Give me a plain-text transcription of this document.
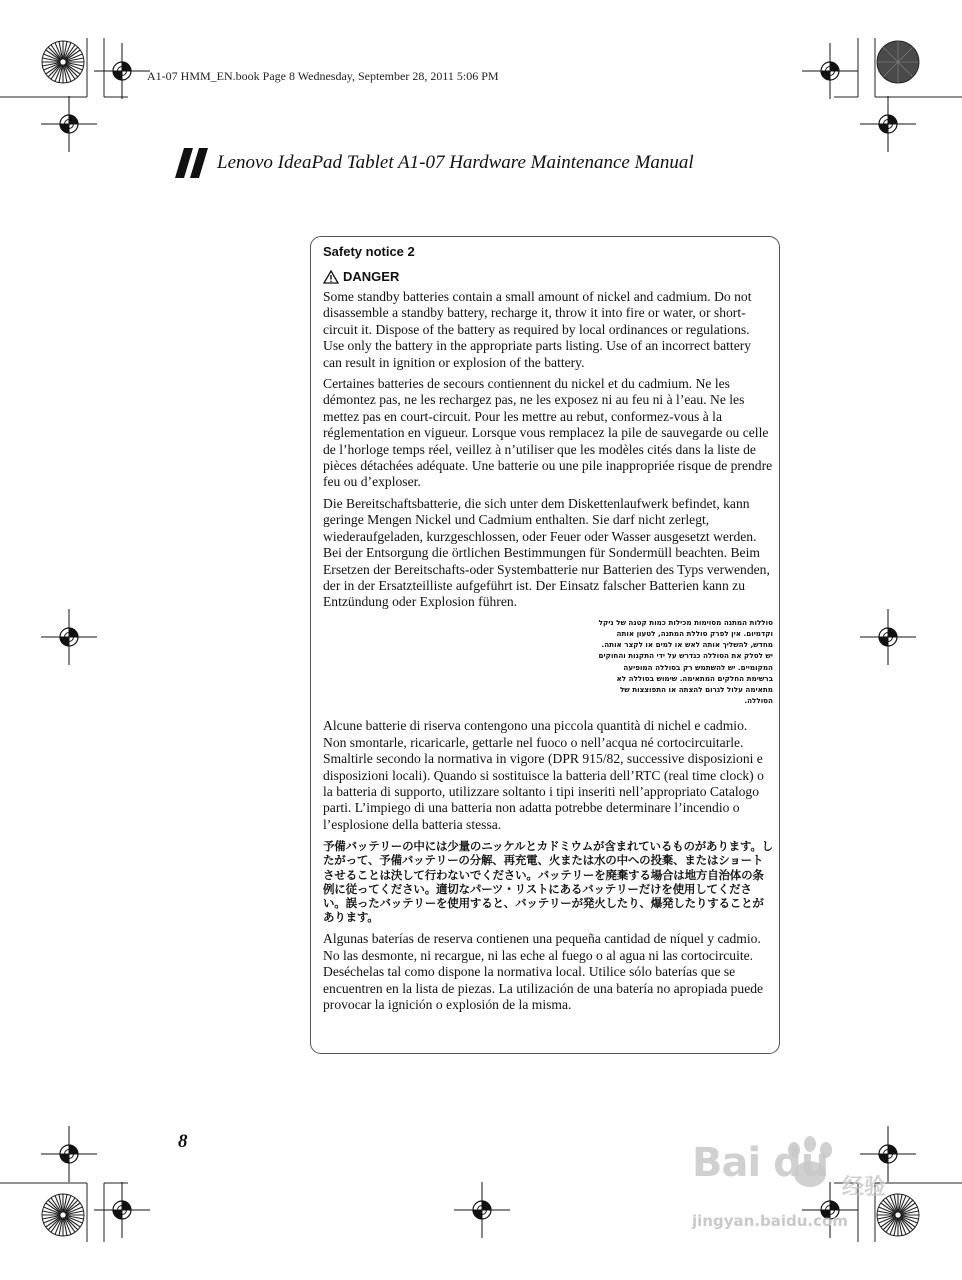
A1-07 HMM_EN.book Page 8 Wednesday, September 28, 2011 5:06 PM
Lenovo IdeaPad Tablet A1-07 Hardware Maintenance Manual
Safety notice 2
DANGER

Some standby batteries contain a small amount of nickel and cadmium. Do not disassemble a standby battery, recharge it, throw it into fire or water, or short-circuit it. Dispose of the battery as required by local ordinances or regulations. Use only the battery in the appropriate parts listing. Use of an incorrect battery can result in ignition or explosion of the battery.

Certaines batteries de secours contiennent du nickel et du cadmium. Ne les démontez pas, ne les rechargez pas, ne les exposez ni au feu ni à l’eau. Ne les mettez pas en court-circuit. Pour les mettre au rebut, conformez-vous à la réglementation en vigueur. Lorsque vous remplacez la pile de sauvegarde ou celle de l’horloge temps réel, veillez à n’utiliser que les modèles cités dans la liste de pièces détachées adéquate. Une batterie ou une pile inappropriée risque de prendre feu ou d’exploser.

Die Bereitschaftsbatterie, die sich unter dem Diskettenlaufwerk befindet, kann geringe Mengen Nickel und Cadmium enthalten. Sie darf nicht zerlegt, wiederaufgeladen, kurzgeschlossen, oder Feuer oder Wasser ausgesetzt werden. Bei der Entsorgung die örtlichen Bestimmungen für Sondermüll beachten. Beim Ersetzen der Bereitschafts-oder Systembatterie nur Batterien des Typs verwenden, der in der Ersatzteilliste aufgeführt ist. Der Einsatz falscher Batterien kann zu Entzündung oder Explosion führen.

סוללות המתנה מסוימות מכילות כמות קטנה של ניקל וקדמיום. אין לפרק סוללת המתנה, לטעון אותה מחדש, להשליך אותה לאש או למים או לקצר אותה. יש לסלק את הסוללה כנדרש על ידי התקנות והחוקים המקומיים. יש להשתמש רק בסוללה המופיעה ברשימת החלקים המתאימה. שימוש בסוללה לא מתאימה עלול לגרום להצתה או התפוצצות של הסוללה.

Alcune batterie di riserva contengono una piccola quantità di nichel e cadmio. Non smontarle, ricaricarle, gettarle nel fuoco o nell’acqua né cortocircuitarle. Smaltirle secondo la normativa in vigore (DPR 915/82, successive disposizioni e disposizioni locali). Quando si sostituisce la batteria dell’RTC (real time clock) o la batteria di supporto, utilizzare soltanto i tipi inseriti nell’appropriato Catalogo parti. L’impiego di una batteria non adatta potrebbe determinare l’incendio o l’esplosione della batteria stessa.

予備バッテリーの中には少量のニッケルとカドミウムが含まれているものがあります。したがって、予備バッテリーの分解、再充電、火または水の中への投棄、またはショートさせることは決して行わないでください。バッテリーを廃棄する場合は地方自治体の条例に従ってください。適切なパーツ・リストにあるバッテリーだけを使用してください。誤ったバッテリーを使用すると、バッテリーが発火したり、爆発したりすることがあります。

Algunas baterías de reserva contienen una pequeña cantidad de níquel y cadmio. No las desmonte, ni recargue, ni las eche al fuego o al agua ni las cortocircuite. Deséchelas tal como dispone la normativa local. Utilice sólo baterías que se encuentren en la lista de piezas. La utilización de una batería no apropiada puede provocar la ignición o explosión de la misma.

8	Bai du
经验
jingyan.baidu.com
